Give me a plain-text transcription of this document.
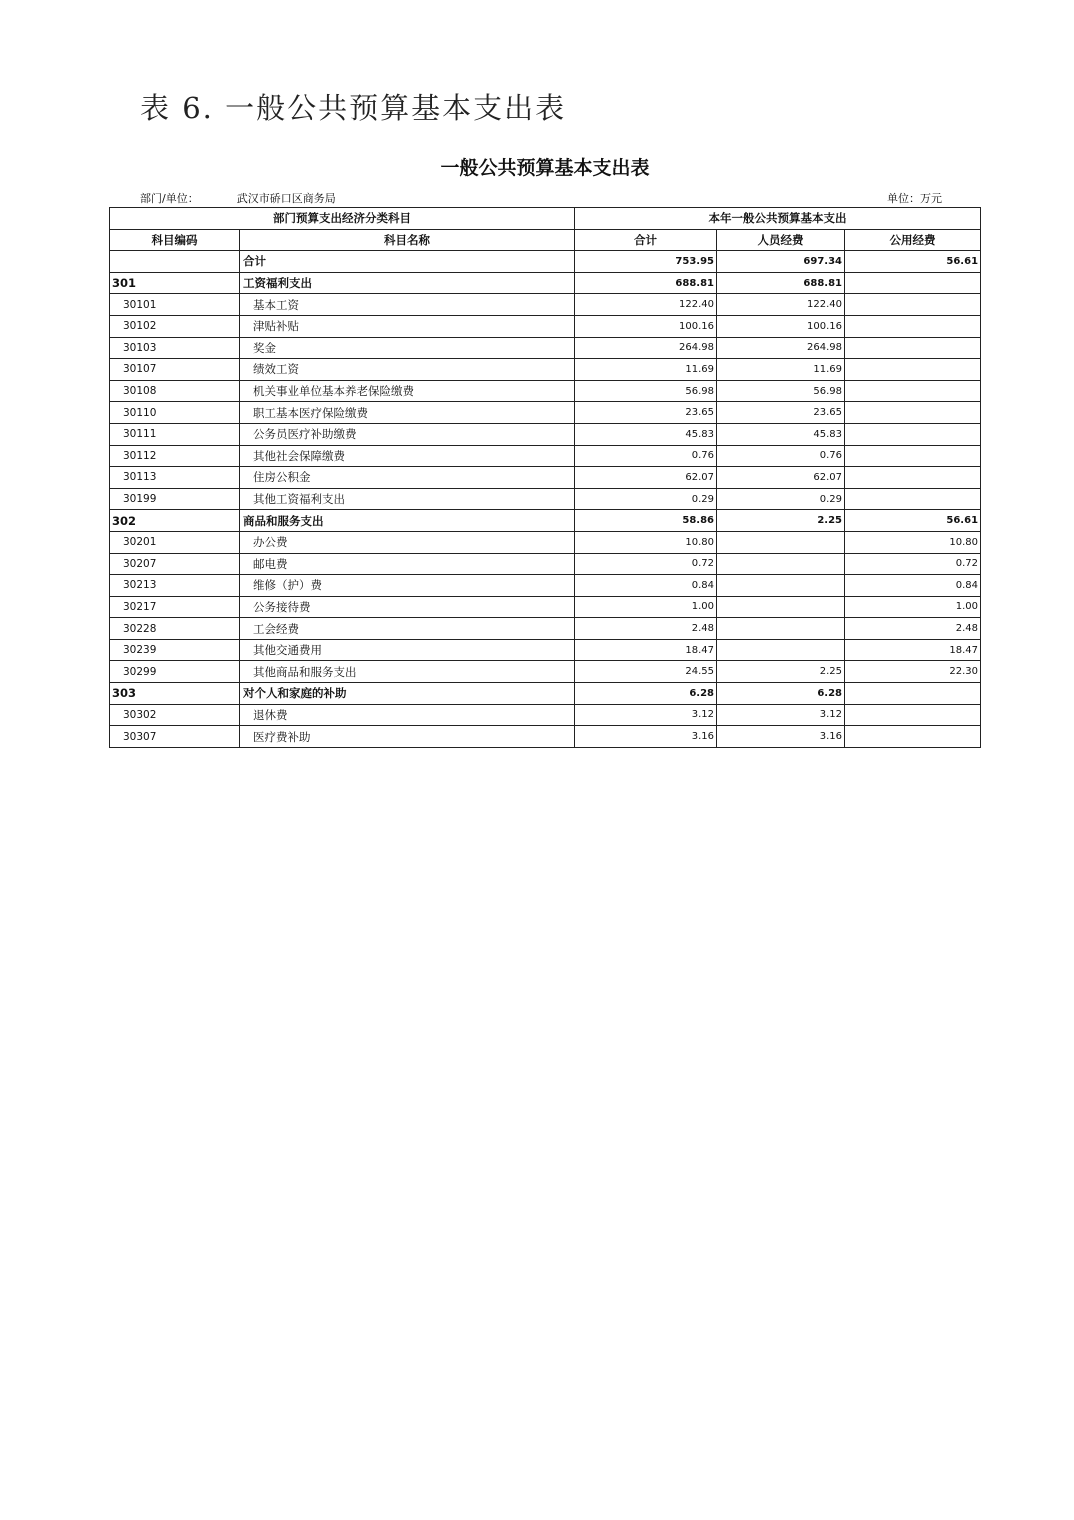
表 6. 一般公共预算基本支出表
一般公共预算基本支出表
部门/单位：	武汉市硚口区商务局	单位：万元
部门预算支出经济分类科目		本年一般公共预算基本支出		
科目编码	科目名称	合计	人员经费	公用经费
	合计	753.95	697.34	56.61
301	工资福利支出	688.81	688.81	
30101	基本工资	122.40	122.40	
30102	津贴补贴	100.16	100.16	
30103	奖金	264.98	264.98	
30107	绩效工资	11.69	11.69	
30108	机关事业单位基本养老保险缴费	56.98	56.98	
30110	职工基本医疗保险缴费	23.65	23.65	
30111	公务员医疗补助缴费	45.83	45.83	
30112	其他社会保障缴费	0.76	0.76	
30113	住房公积金	62.07	62.07	
30199	其他工资福利支出	0.29	0.29	
302	商品和服务支出	58.86	2.25	56.61
30201	办公费	10.80		10.80
30207	邮电费	0.72		0.72
30213	维修（护）费	0.84		0.84
30217	公务接待费	1.00		1.00
30228	工会经费	2.48		2.48
30239	其他交通费用	18.47		18.47
30299	其他商品和服务支出	24.55	2.25	22.30
303	对个人和家庭的补助	6.28	6.28	
30302	退休费	3.12	3.12	
30307	医疗费补助	3.16	3.16	
